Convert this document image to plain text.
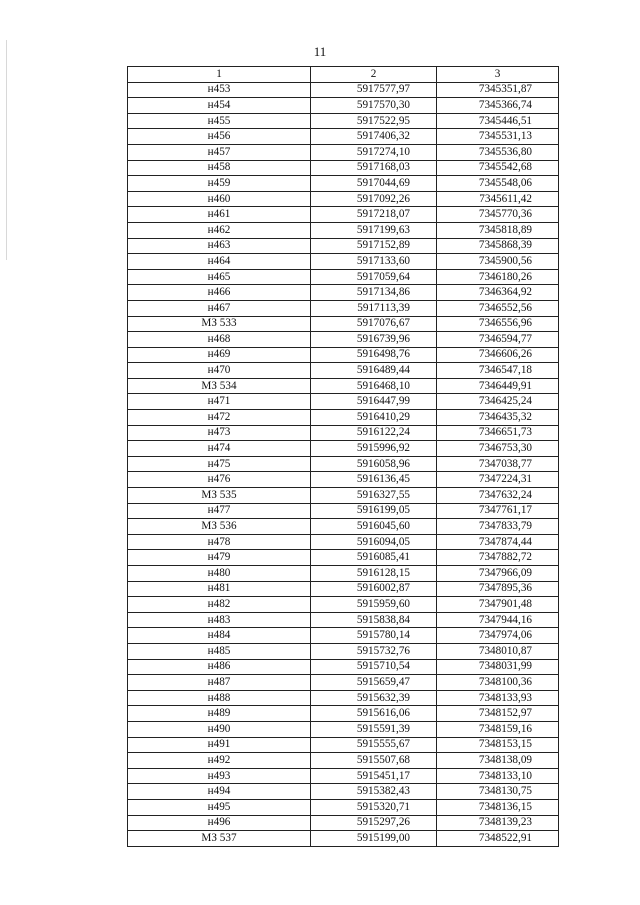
11
1	2	3
н453	5917577,97	7345351,87
н454	5917570,30	7345366,74
н455	5917522,95	7345446,51
н456	5917406,32	7345531,13
н457	5917274,10	7345536,80
н458	5917168,03	7345542,68
н459	5917044,69	7345548,06
н460	5917092,26	7345611,42
н461	5917218,07	7345770,36
н462	5917199,63	7345818,89
н463	5917152,89	7345868,39
н464	5917133,60	7345900,56
н465	5917059,64	7346180,26
н466	5917134,86	7346364,92
н467	5917113,39	7346552,56
МЗ 533	5917076,67	7346556,96
н468	5916739,96	7346594,77
н469	5916498,76	7346606,26
н470	5916489,44	7346547,18
МЗ 534	5916468,10	7346449,91
н471	5916447,99	7346425,24
н472	5916410,29	7346435,32
н473	5916122,24	7346651,73
н474	5915996,92	7346753,30
н475	5916058,96	7347038,77
н476	5916136,45	7347224,31
МЗ 535	5916327,55	7347632,24
н477	5916199,05	7347761,17
МЗ 536	5916045,60	7347833,79
н478	5916094,05	7347874,44
н479	5916085,41	7347882,72
н480	5916128,15	7347966,09
н481	5916002,87	7347895,36
н482	5915959,60	7347901,48
н483	5915838,84	7347944,16
н484	5915780,14	7347974,06
н485	5915732,76	7348010,87
н486	5915710,54	7348031,99
н487	5915659,47	7348100,36
н488	5915632,39	7348133,93
н489	5915616,06	7348152,97
н490	5915591,39	7348159,16
н491	5915555,67	7348153,15
н492	5915507,68	7348138,09
н493	5915451,17	7348133,10
н494	5915382,43	7348130,75
н495	5915320,71	7348136,15
н496	5915297,26	7348139,23
МЗ 537	5915199,00	7348522,91
